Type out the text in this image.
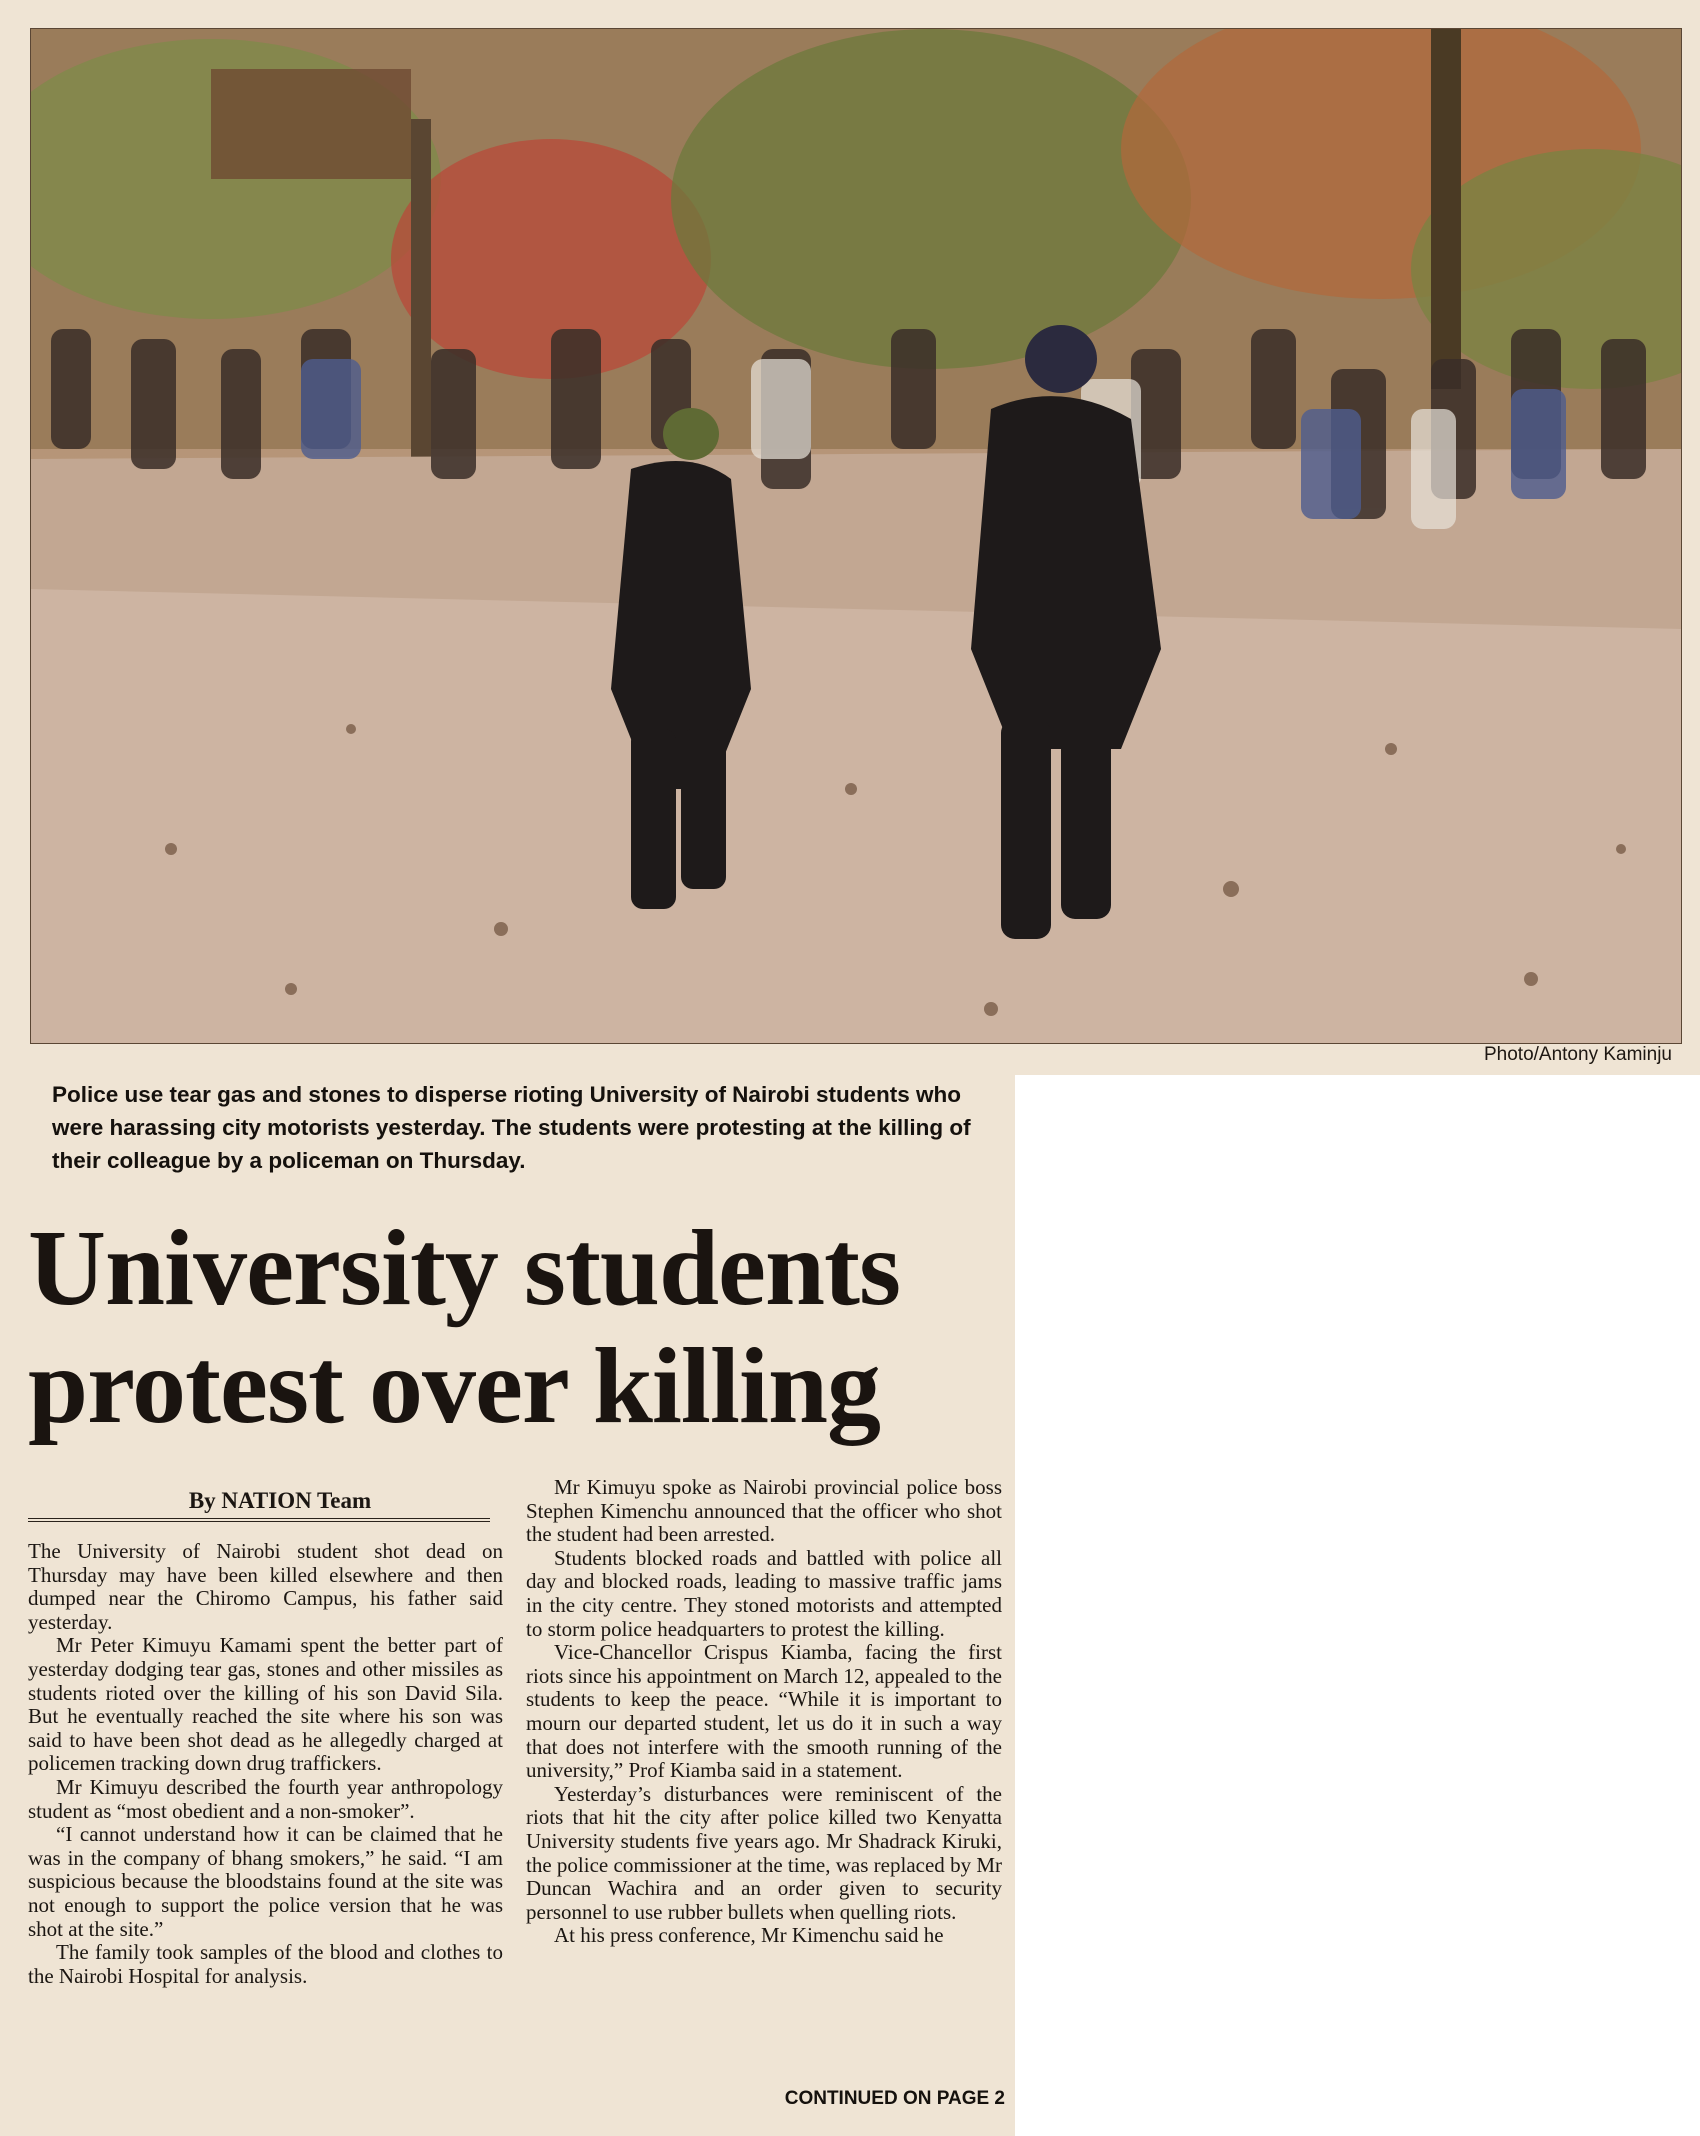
Photo/Antony Kaminju
Police use tear gas and stones to disperse rioting University of Nairobi students who were harassing city motorists yesterday. The students were protesting at the killing of their colleague by a policeman on Thursday.
University students
protest over killing
By NATION Team

The University of Nairobi student shot dead on Thursday may have been killed elsewhere and then dumped near the Chiromo Campus, his father said yesterday.

Mr Peter Kimuyu Kamami spent the better part of yesterday dodging tear gas, stones and other missiles as students rioted over the killing of his son David Sila. But he eventually reached the site where his son was said to have been shot dead as he allegedly charged at policemen tracking down drug traffickers.

Mr Kimuyu described the fourth year anthropology student as “most obedient and a non-smoker”.

“I cannot understand how it can be claimed that he was in the company of bhang smokers,” he said. “I am suspicious because the bloodstains found at the site was not enough to support the police version that he was shot at the site.”

The family took samples of the blood and clothes to the Nairobi Hospital for analysis.

Mr Kimuyu spoke as Nairobi provincial police boss Stephen Kimenchu announced that the officer who shot the student had been arrested.

Students blocked roads and battled with police all day and blocked roads, leading to massive traffic jams in the city centre. They stoned motorists and attempted to storm police headquarters to protest the killing.

Vice-Chancellor Crispus Kiamba, facing the first riots since his appointment on March 12, appealed to the students to keep the peace. “While it is important to mourn our departed student, let us do it in such a way that does not interfere with the smooth running of the university,” Prof Kiamba said in a statement.

Yesterday’s disturbances were reminiscent of the riots that hit the city after police killed two Kenyatta University students five years ago. Mr Shadrack Kiruki, the police commissioner at the time, was replaced by Mr Duncan Wachira and an order given to security personnel to use rubber bullets when quelling riots.

At his press conference, Mr Kimenchu said he

CONTINUED ON PAGE 2
